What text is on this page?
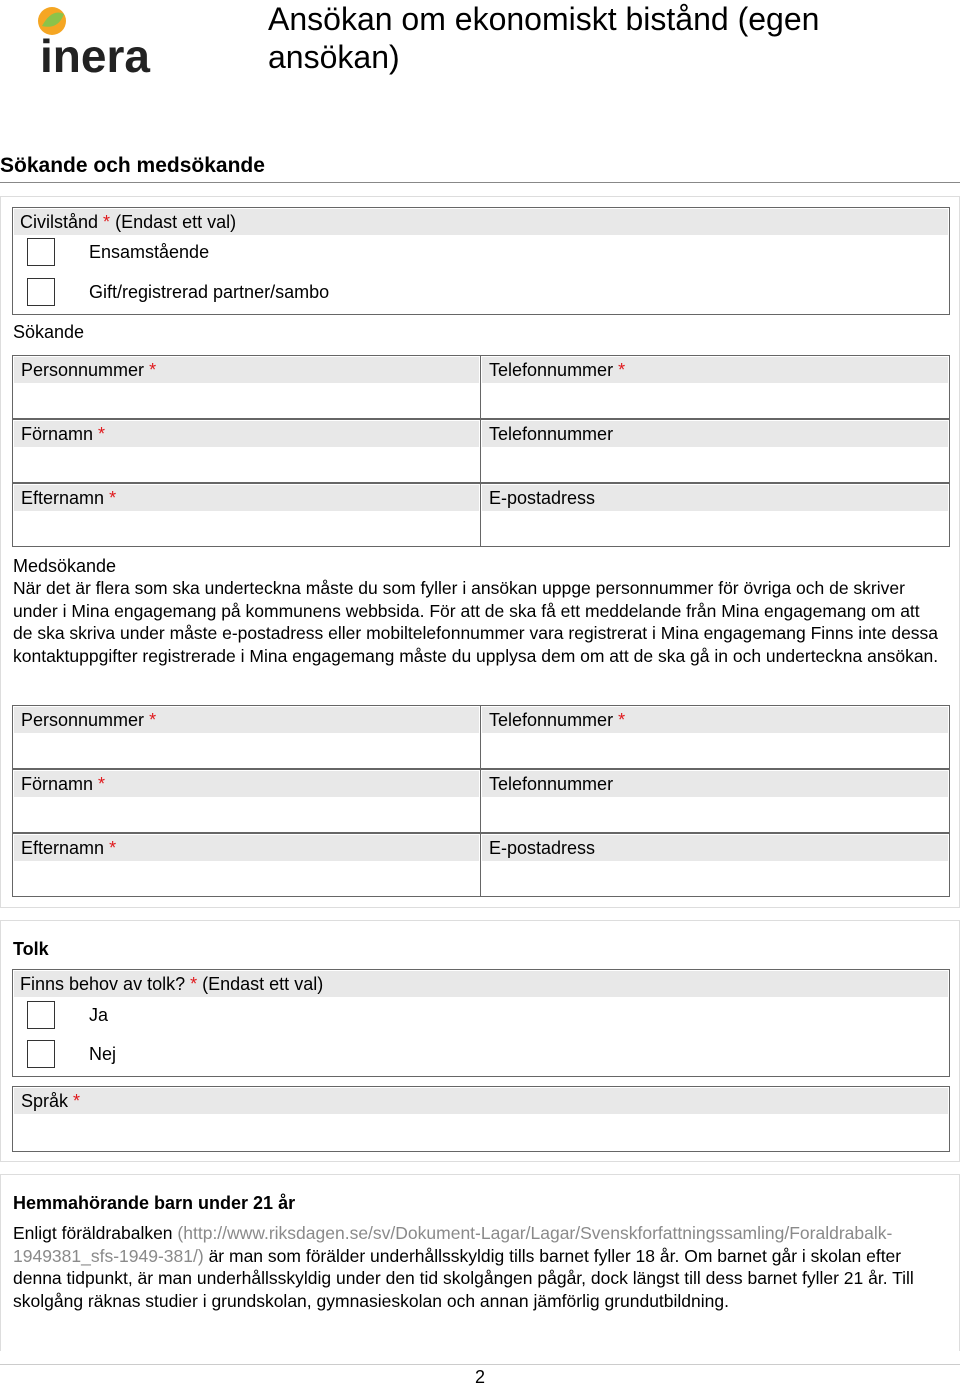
inera
Ansökan om ekonomiskt bistånd (egen ansökan)
Sökande och medsökande
Civilstånd * (Endast ett val)
Ensamstående
Gift/registrerad partner/sambo
Sökande
Personnummer *	Telefonnummer *
Förnamn *	Telefonnummer
Efternamn *	E-postadress
Medsökande

När det är flera som ska underteckna måste du som fyller i ansökan uppge personnummer för övriga och de skriver under i Mina engagemang på kommunens webbsida. För att de ska få ett meddelande från Mina engagemang om att de ska skriva under måste e-postadress eller mobiltelefonnummer vara registrerat i Mina engagemang Finns inte dessa kontaktuppgifter registrerade i Mina engagemang måste du upplysa dem om att de ska gå in och underteckna ansökan.

Personnummer *	Telefonnummer *
Förnamn *	Telefonnummer
Efternamn *	E-postadress
Tolk
Finns behov av tolk? * (Endast ett val)
Ja
Nej
Språk *
Hemmahörande barn under 21 år

Enligt föräldrabalken (http://www.riksdagen.se/sv/Dokument-Lagar/Lagar/Svenskforfattningssamling/Foraldrabalk-1949381_sfs-1949-381/) är man som förälder underhållsskyldig tills barnet fyller 18 år. Om barnet går i skolan efter denna tidpunkt, är man underhållsskyldig under den tid skolgången pågår, dock längst till dess barnet fyller 21 år. Till skolgång räknas studier i grundskolan, gymnasieskolan och annan jämförlig grundutbildning.

2
